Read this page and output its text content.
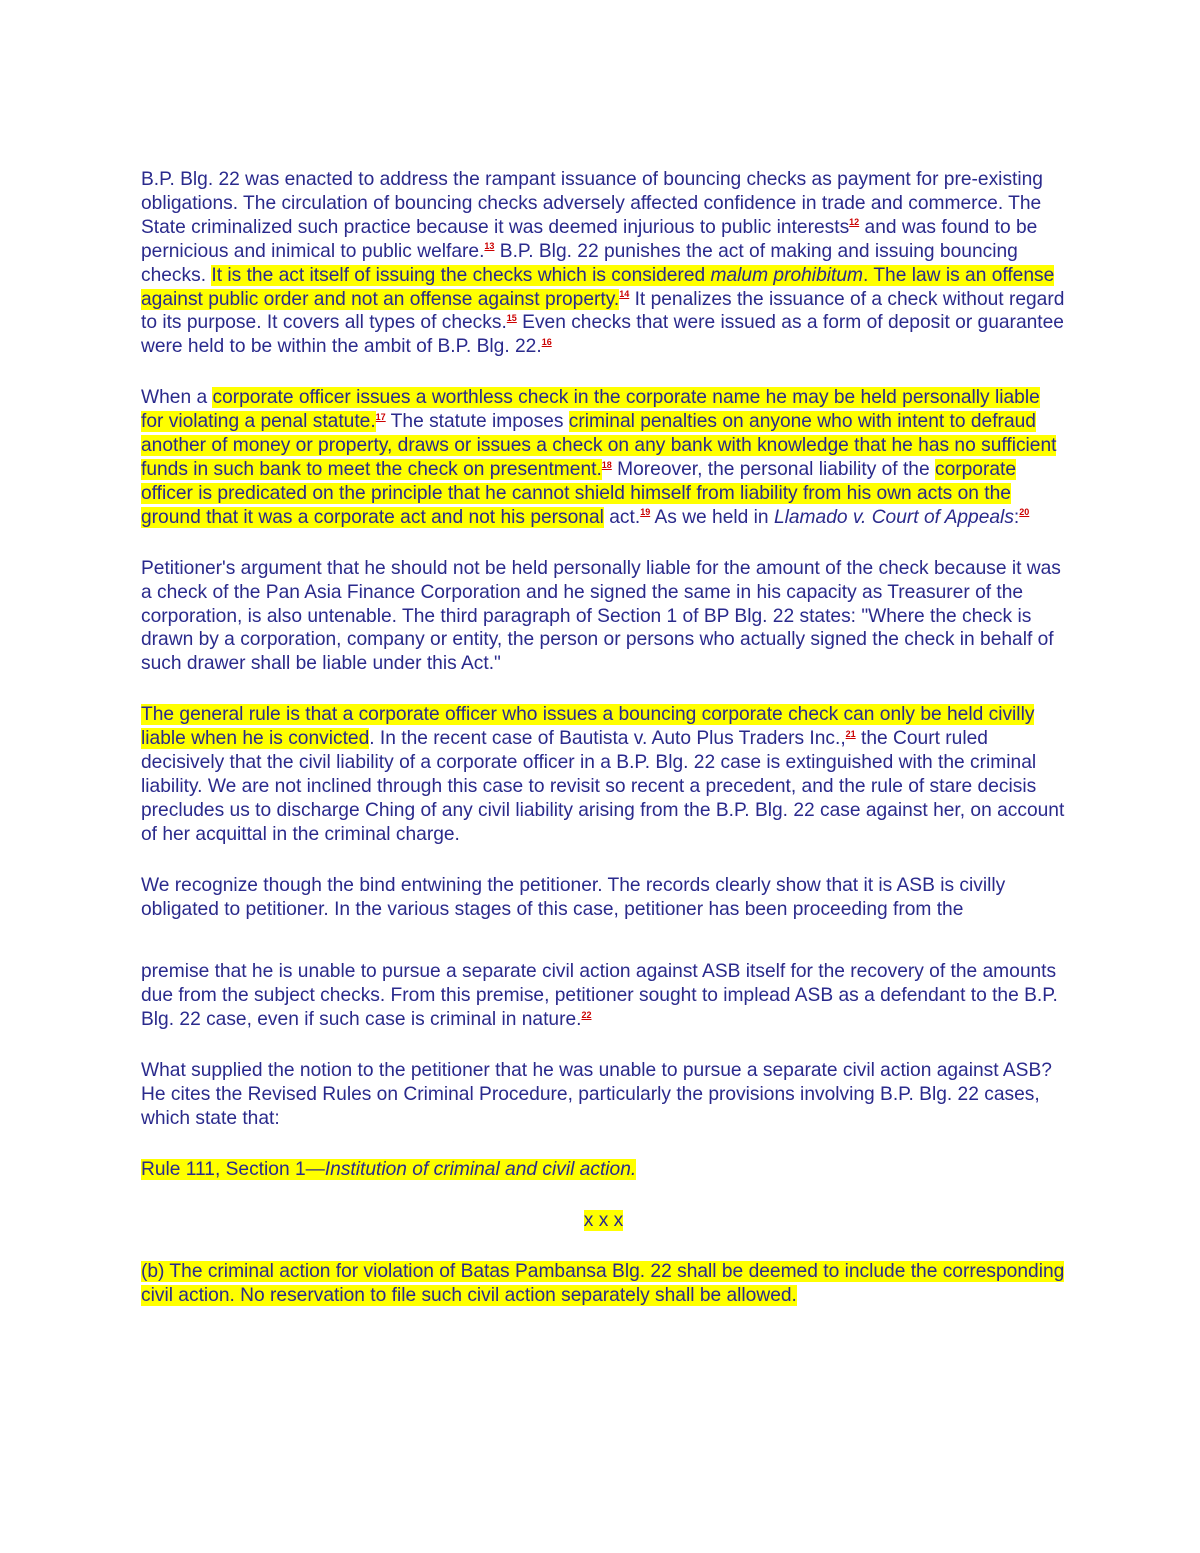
B.P. Blg. 22 was enacted to address the rampant issuance of bouncing checks as payment for pre-existing obligations. The circulation of bouncing checks adversely affected confidence in trade and commerce. The State criminalized such practice because it was deemed injurious to public interests$^{12}$ and was found to be pernicious and inimical to public welfare.$^{13}$ B.P. Blg. 22 punishes the act of making and issuing bouncing checks. It is the act itself of issuing the checks which is considered malum prohibitum. The law is an offense against public order and not an offense against property.$^{14}$ It penalizes the issuance of a check without regard to its purpose. It covers all types of checks.$^{15}$ Even checks that were issued as a form of deposit or guarantee were held to be within the ambit of B.P. Blg. 22.16

When a corporate officer issues a worthless check in the corporate name he may be held personally liable for violating a penal statute.$^{17}$ The statute imposes criminal penalties on anyone who with intent to defraud another of money or property, draws or issues a check on any bank with knowledge that he has no sufficient funds in such bank to meet the check on presentment.$^{18}$ Moreover, the personal liability of the corporate officer is predicated on the principle that he cannot shield himself from liability from his own acts on the ground that it was a corporate act and not his personal act.$^{19}$ As we held in Llamado v. Court of Appeals:$^{20}$

Petitioner's argument that he should not be held personally liable for the amount of the check because it was a check of the Pan Asia Finance Corporation and he signed the same in his capacity as Treasurer of the corporation, is also untenable. The third paragraph of Section 1 of BP Blg. 22 states: "Where the check is drawn by a corporation, company or entity, the person or persons who actually signed the check in behalf of such drawer shall be liable under this Act."

The general rule is that a corporate officer who issues a bouncing corporate check can only be held civilly liable when he is convicted. In the recent case of Bautista v. Auto Plus Traders Inc.,$^{21}$ the Court ruled decisively that the civil liability of a corporate officer in a B.P. Blg. 22 case is extinguished with the criminal liability. We are not inclined through this case to revisit so recent a precedent, and the rule of stare decisis precludes us to discharge Ching of any civil liability arising from the B.P. Blg. 22 case against her, on account of her acquittal in the criminal charge.

We recognize though the bind entwining the petitioner. The records clearly show that it is ASB is civilly obligated to petitioner. In the various stages of this case, petitioner has been proceeding from the

premise that he is unable to pursue a separate civil action against ASB itself for the recovery of the amounts due from the subject checks. From this premise, petitioner sought to implead ASB as a defendant to the B.P. Blg. 22 case, even if such case is criminal in nature.$^{22}$

What supplied the notion to the petitioner that he was unable to pursue a separate civil action against ASB? He cites the Revised Rules on Criminal Procedure, particularly the provisions involving B.P. Blg. 22 cases, which state that:

Rule 111, Section 1—Institution of criminal and civil action.

x x x

(b) The criminal action for violation of Batas Pambansa Blg. 22 shall be deemed to include the corresponding civil action. No reservation to file such civil action separately shall be allowed.
